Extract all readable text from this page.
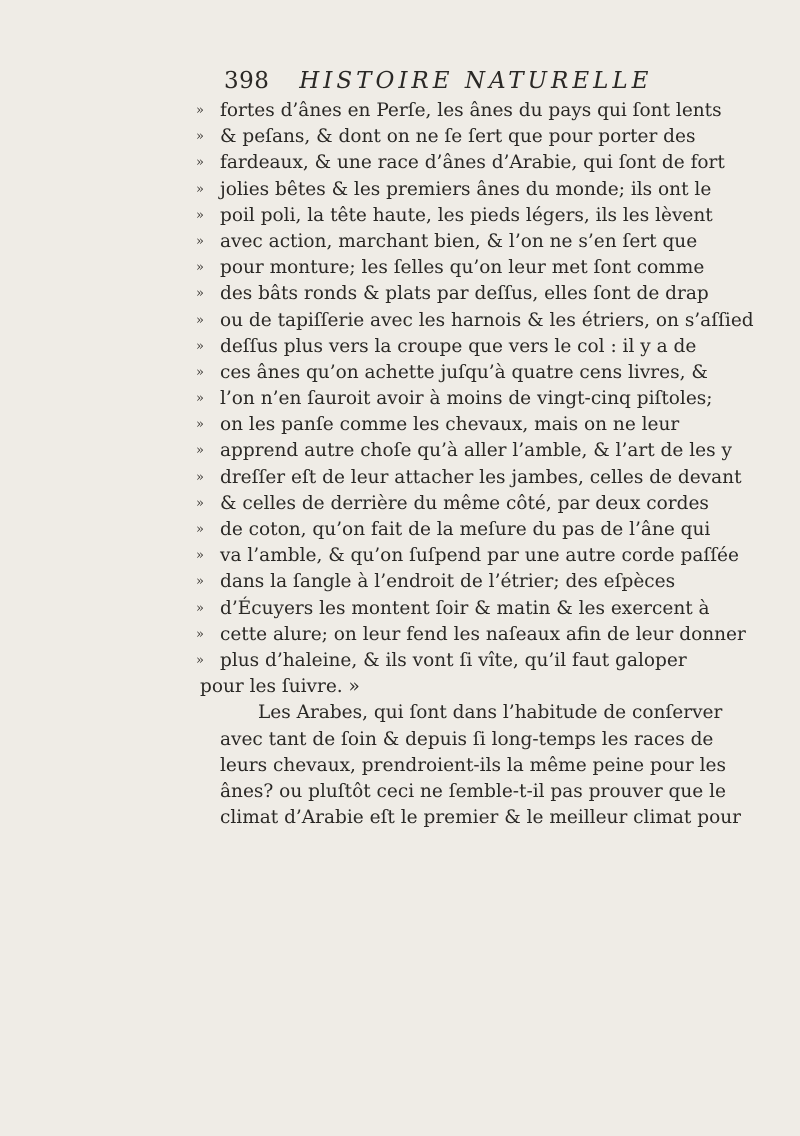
398 HISTOIRE NATURELLE
» fortes d’ânes en Perſe, les ânes du pays qui ſont lents
» & peſans, & dont on ne ſe ſert que pour porter des
» fardeaux, & une race d’ânes d’Arabie, qui ſont de fort
» jolies bêtes & les premiers ânes du monde; ils ont le
» poil poli, la tête haute, les pieds légers, ils les lèvent
» avec action, marchant bien, & l’on ne s’en ſert que
» pour monture; les ſelles qu’on leur met ſont comme
» des bâts ronds & plats par deſſus, elles ſont de drap
» ou de tapiſſerie avec les harnois & les étriers, on s’aſſied
» deſſus plus vers la croupe que vers le col : il y a de
» ces ânes qu’on achette juſqu’à quatre cens livres, &
» l’on n’en ſauroit avoir à moins de vingt-cinq piſtoles;
» on les panſe comme les chevaux, mais on ne leur
» apprend autre choſe qu’à aller l’amble, & l’art de les y
» dreſſer eſt de leur attacher les jambes, celles de devant
» & celles de derrière du même côté, par deux cordes
» de coton, qu’on fait de la meſure du pas de l’âne qui
» va l’amble, & qu’on ſuſpend par une autre corde paſſée
» dans la ſangle à l’endroit de l’étrier; des eſpèces
» d’Écuyers les montent ſoir & matin & les exercent à
» cette alure; on leur fend les naſeaux afin de leur donner
» plus d’haleine, & ils vont ſi vîte, qu’il faut galoper
pour les ſuivre. »
Les Arabes, qui ſont dans l’habitude de conſerver
avec tant de ſoin & depuis ſi long-temps les races de
leurs chevaux, prendroient-ils la même peine pour les
ânes? ou pluſtôt ceci ne ſemble-t-il pas prouver que le
climat d’Arabie eſt le premier & le meilleur climat pour
